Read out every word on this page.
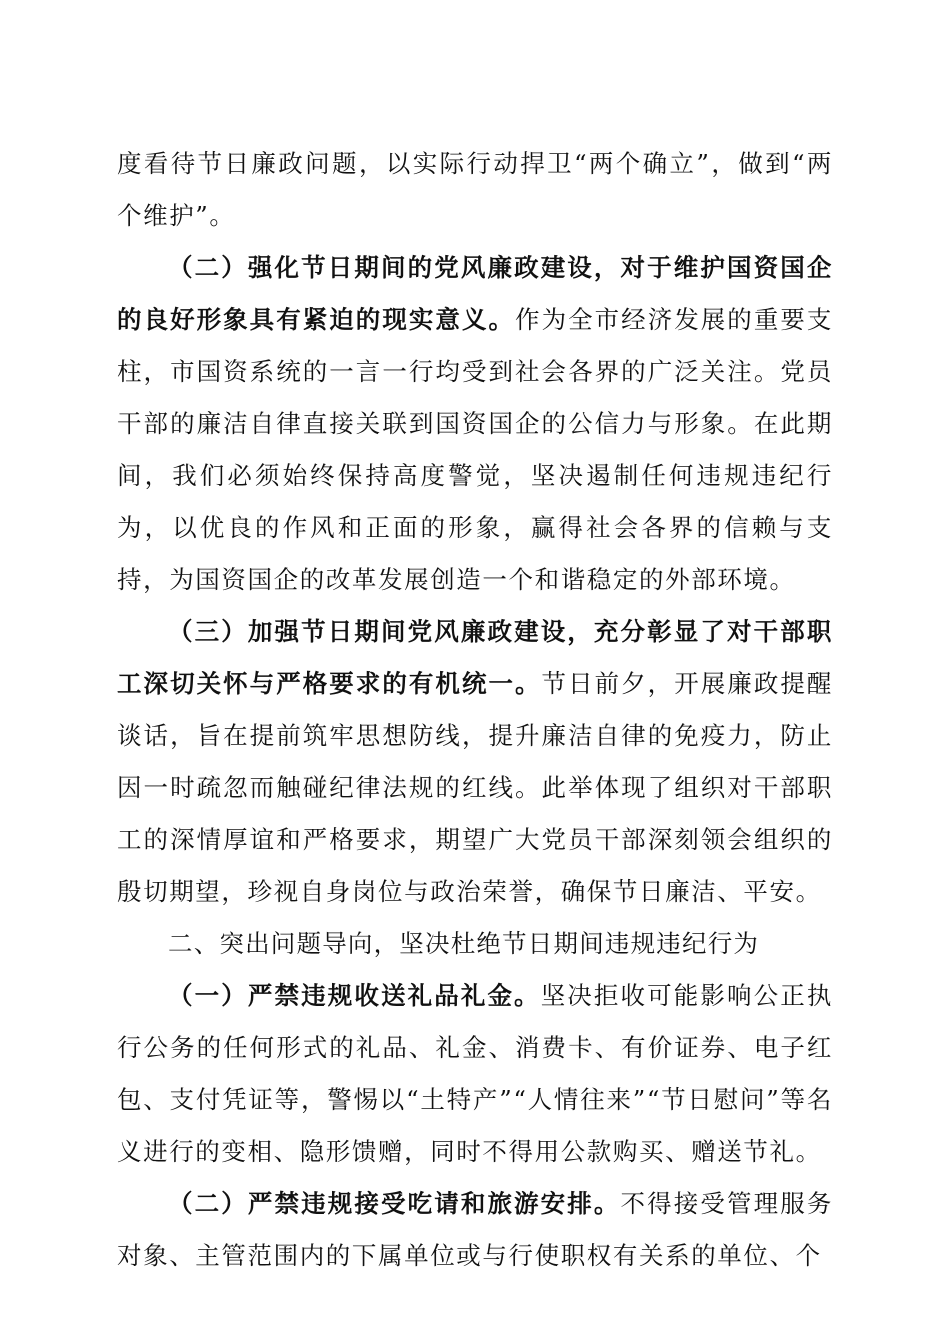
度看待节日廉政问题，以实际行动捍卫“两个确立”，做到“两个维护”。

（二）强化节日期间的党风廉政建设，对于维护国资国企的良好形象具有紧迫的现实意义。作为全市经济发展的重要支柱，市国资系统的一言一行均受到社会各界的广泛关注。党员干部的廉洁自律直接关联到国资国企的公信力与形象。在此期间，我们必须始终保持高度警觉，坚决遏制任何违规违纪行为，以优良的作风和正面的形象，赢得社会各界的信赖与支持，为国资国企的改革发展创造一个和谐稳定的外部环境。

（三）加强节日期间党风廉政建设，充分彰显了对干部职工深切关怀与严格要求的有机统一。节日前夕，开展廉政提醒谈话，旨在提前筑牢思想防线，提升廉洁自律的免疫力，防止因一时疏忽而触碰纪律法规的红线。此举体现了组织对干部职工的深情厚谊和严格要求，期望广大党员干部深刻领会组织的殷切期望，珍视自身岗位与政治荣誉，确保节日廉洁、平安。

二、突出问题导向，坚决杜绝节日期间违规违纪行为

（一）严禁违规收送礼品礼金。坚决拒收可能影响公正执行公务的任何形式的礼品、礼金、消费卡、有价证券、电子红包、支付凭证等，警惕以“土特产”“人情往来”“节日慰问”等名义进行的变相、隐形馈赠，同时不得用公款购买、赠送节礼。

（二）严禁违规接受吃请和旅游安排。不得接受管理服务对象、主管范围内的下属单位或与行使职权有关系的单位、个
